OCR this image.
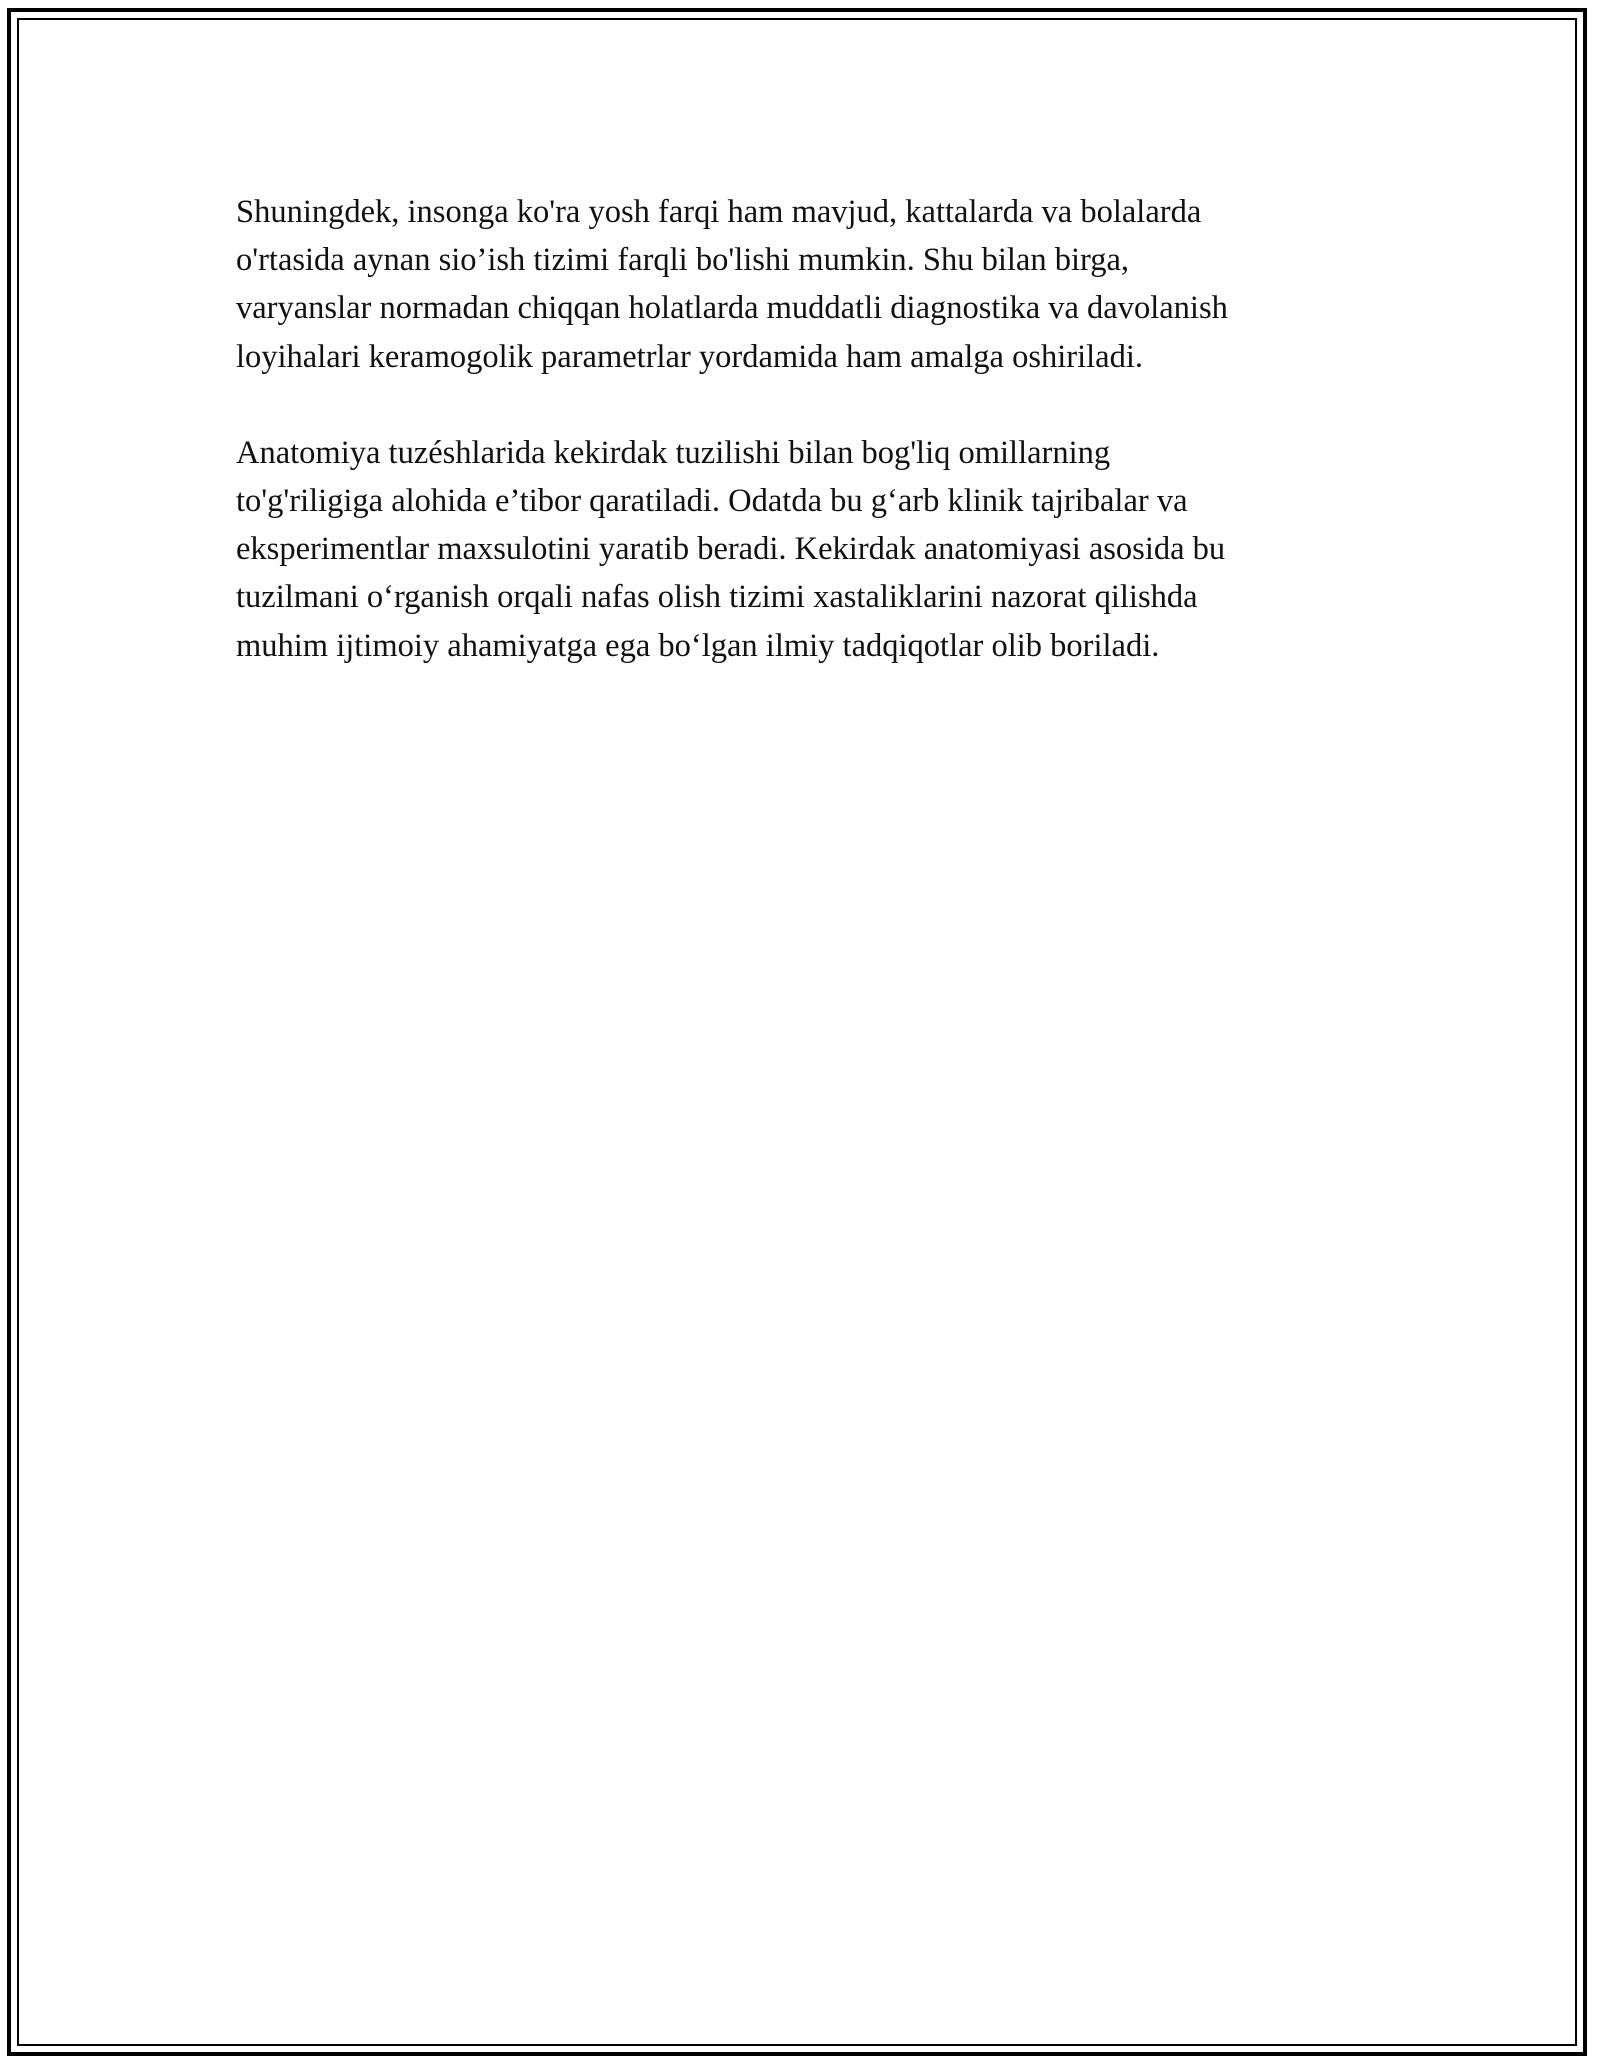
Shuningdek, insonga ko'ra yosh farqi ham mavjud, kattalarda va bolalarda

o'rtasida aynan sio’ish tizimi farqli bo'lishi mumkin. Shu bilan birga,

varyanslar normadan chiqqan holatlarda muddatli diagnostika va davolanish

loyihalari keramogolik parametrlar yordamida ham amalga oshiriladi.

Anatomiya tuzéshlarida kekirdak tuzilishi bilan bog'liq omillarning

to'g'riligiga alohida e’tibor qaratiladi. Odatda bu g‘arb klinik tajribalar va

eksperimentlar maxsulotini yaratib beradi. Kekirdak anatomiyasi asosida bu

tuzilmani o‘rganish orqali nafas olish tizimi xastaliklarini nazorat qilishda

muhim ijtimoiy ahamiyatga ega bo‘lgan ilmiy tadqiqotlar olib boriladi.
